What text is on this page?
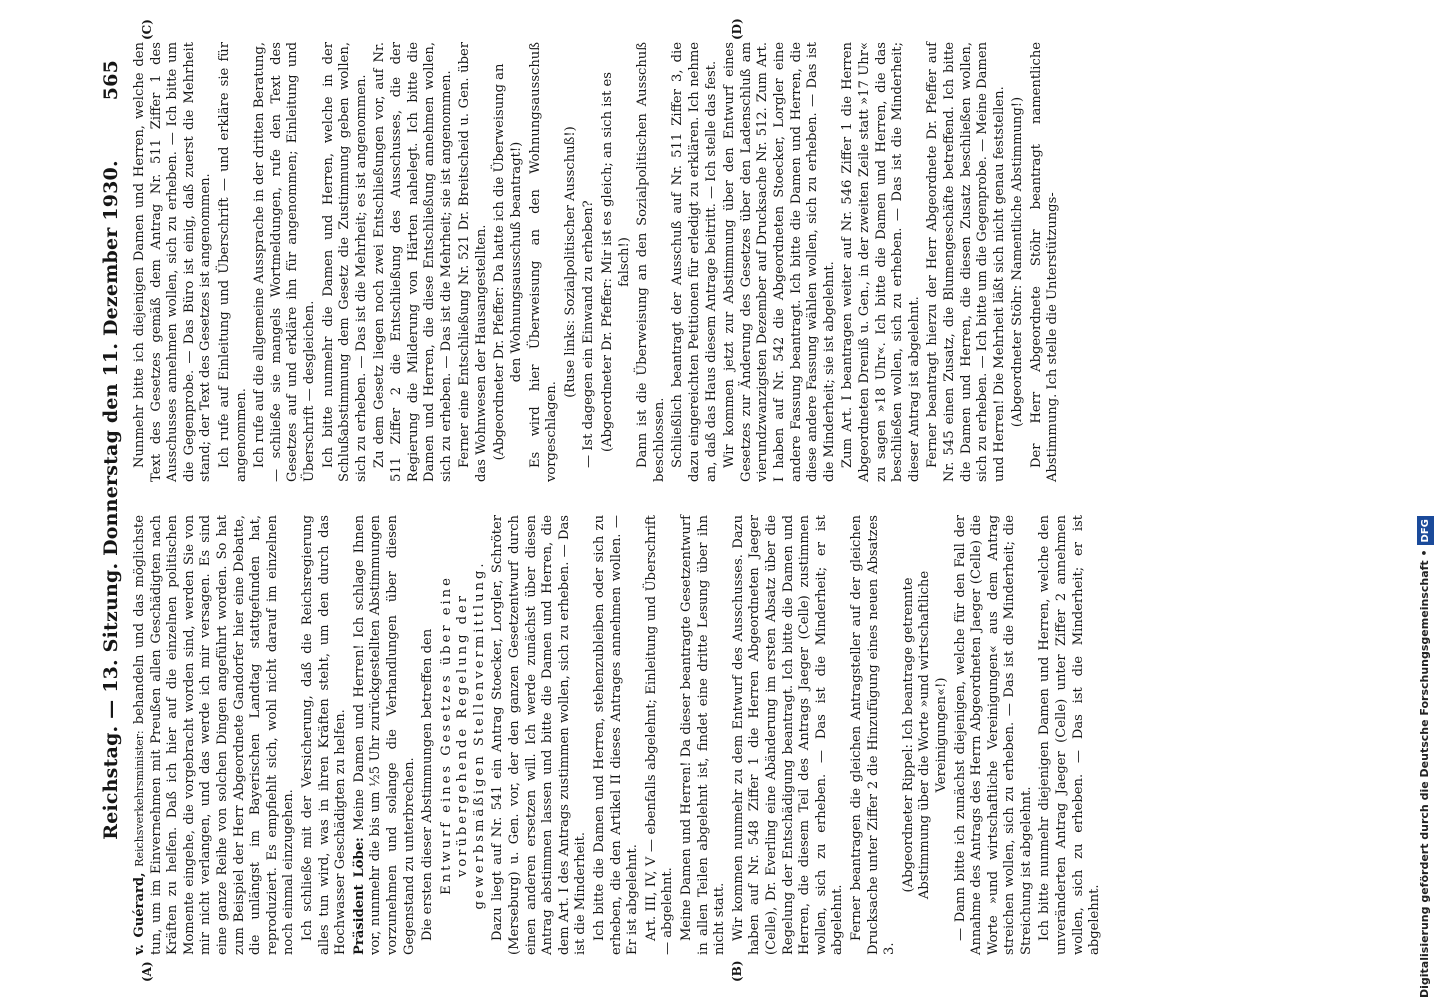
Reichstag. — 13. Sitzung. Donnerstag den 11. Dezember 1930.
565
(A)	(B)
(C)	(D)

v. Guérard, Reichsverkehrsminister: behandeln und das möglichste tun, um im Einvernehmen mit Preußen allen Geschädigten nach Kräften zu helfen. Daß ich hier auf die einzelnen politischen Momente eingehe, die vorgebracht worden sind, werden Sie von mir nicht verlangen, und das werde ich mir versagen. Es sind eine ganze Reihe von solchen Dingen angeführt worden. So hat zum Beispiel der Herr Abgeordnete Gandorfer hier eine Debatte, die unlängst im Bayerischen Landtag stattgefunden hat, reproduziert. Es empfiehlt sich, wohl nicht darauf im einzelnen noch einmal einzugehen. Ich schließe mit der Versicherung, daß die Reichsregierung alles tun wird, was in ihren Kräften steht, um den durch das Hochwasser Geschädigten zu helfen. Präsident Löbe: Meine Damen und Herren! Ich schlage Ihnen vor, nunmehr die bis um ½5 Uhr zurückgestellten Abstimmungen vorzunehmen und solange die Verhandlungen über diesen Gegenstand zu unterbrechen. Die ersten dieser Abstimmungen betreffen den Entwurf eines Gesetzes über eine vorübergehende Regelung der gewerbsmäßigen Stellenvermittlung. Dazu liegt auf Nr. 541 ein Antrag Stoecker, Lorgler, Schröter (Merseburg) u. Gen. vor, der den ganzen Gesetzentwurf durch einen anderen ersetzen will. Ich werde zunächst über diesen Antrag abstimmen lassen und bitte die Damen und Herren, die dem Art. I des Antrags zustimmen wollen, sich zu erheben. — Das ist die Minderheit. Ich bitte die Damen und Herren, stehenzubleiben oder sich zu erheben, die den Artikel II dieses Antrages annehmen wollen. — Er ist abgelehnt. Art. III, IV, V — ebenfalls abgelehnt; Einleitung und Überschrift — abgelehnt. Meine Damen und Herren! Da dieser beantragte Gesetzentwurf in allen Teilen abgelehnt ist, findet eine dritte Lesung über ihn nicht statt. Wir kommen nunmehr zu dem Entwurf des Ausschusses. Dazu haben auf Nr. 548 Ziffer 1 die Herren Abgeordneten Jaeger (Celle), Dr. Everling eine Abänderung im ersten Absatz über die Regelung der Entschädigung beantragt. Ich bitte die Damen und Herren, die diesem Teil des Antrags Jaeger (Celle) zustimmen wollen, sich zu erheben. — Das ist die Minderheit; er ist abgelehnt. Ferner beantragen die gleichen Antragsteller auf der gleichen Drucksache unter Ziffer 2 die Hinzufügung eines neuen Absatzes 3.

(Abgeordneter Rippel: Ich beantrage getrennte Abstimmung über die Worte »und wirtschaftliche Vereinigungen«!) — Dann bitte ich zunächst diejenigen, welche für den Fall der Annahme des Antrags des Herrn Abgeordneten Jaeger (Celle) die Worte »und wirtschaftliche Vereinigungen« aus dem Antrag streichen wollen, sich zu erheben. — Das ist die Minderheit; die Streichung ist abgelehnt. Ich bitte nunmehr diejenigen Damen und Herren, welche den unveränderten Antrag Jaeger (Celle) unter Ziffer 2 annehmen wollen, sich zu erheben. — Das ist die Minderheit; er ist abgelehnt.

Nunmehr bitte ich diejenigen Damen und Herren, welche den Text des Gesetzes gemäß dem Antrag Nr. 511 Ziffer 1 des Ausschusses annehmen wollen, sich zu erheben. — Ich bitte um die Gegenprobe. — Das Büro ist einig, daß zuerst die Mehrheit stand; der Text des Gesetzes ist angenommen. Ich rufe auf Einleitung und Überschrift — und erkläre sie für angenommen. Ich rufe auf die allgemeine Aussprache in der dritten Beratung, — schließe sie mangels Wortmeldungen, rufe den Text des Gesetzes auf und erkläre ihn für angenommen; Einleitung und Überschrift — desgleichen. Ich bitte nunmehr die Damen und Herren, welche in der Schlußabstimmung dem Gesetz die Zustimmung geben wollen, sich zu erheben. — Das ist die Mehrheit; es ist angenommen. Zu dem Gesetz liegen noch zwei Entschließungen vor, auf Nr. 511 Ziffer 2 die Entschließung des Ausschusses, die der Regierung die Milderung von Härten nahelegt. Ich bitte die Damen und Herren, die diese Entschließung annehmen wollen, sich zu erheben. — Das ist die Mehrheit; sie ist angenommen. Ferner eine Entschließung Nr. 521 Dr. Breitscheid u. Gen. über das Wohnwesen der Hausangestellten. (Abgeordneter Dr. Pfeffer: Da hatte ich die Überweisung an den Wohnungsausschuß beantragt!) Es wird hier Überweisung an den Wohnungsausschuß vorgeschlagen.

(Ruse links: Sozialpolitischer Ausschuß!) — Ist dagegen ein Einwand zu erheben? (Abgeordneter Dr. Pfeffer: Mir ist es gleich; an sich ist es falsch!) Dann ist die Überweisung an den Sozialpolitischen Ausschuß beschlossen. Schließlich beantragt der Ausschuß auf Nr. 511 Ziffer 3, die dazu eingereichten Petitionen für erledigt zu erklären. Ich nehme an, daß das Haus diesem Antrage beitritt. — Ich stelle das fest. Wir kommen jetzt zur Abstimmung über den Entwurf eines Gesetzes zur Änderung des Gesetzes über den Ladenschluß am vierundzwanzigsten Dezember auf Drucksache Nr. 512. Zum Art. I haben auf Nr. 542 die Abgeordneten Stoecker, Lorgler eine andere Fassung beantragt. Ich bitte die Damen und Herren, die diese andere Fassung wählen wollen, sich zu erheben. — Das ist die Minderheit; sie ist abgelehnt. Zum Art. I beantragen weiter auf Nr. 546 Ziffer 1 die Herren Abgeordneten Dreniß u. Gen., in der zweiten Zeile statt »17 Uhr« zu sagen »18 Uhr«. Ich bitte die Damen und Herren, die das beschließen wollen, sich zu erheben. — Das ist die Minderheit; dieser Antrag ist abgelehnt. Ferner beantragt hierzu der Herr Abgeordnete Dr. Pfeffer auf Nr. 545 einen Zusatz, die Blumengeschäfte betreffend. Ich bitte die Damen und Herren, die diesen Zusatz beschließen wollen, sich zu erheben. — Ich bitte um die Gegenprobe. — Meine Damen und Herren! Die Mehrheit läßt sich nicht genau feststellen. (Abgeordneter Stöhr: Namentliche Abstimmung!) Der Herr Abgeordnete Stöhr beantragt namentliche Abstimmung. Ich stelle die Unterstützungs-

Digitalisierung gefördert durch die Deutsche Forschungsgemeinschaft •DFG
